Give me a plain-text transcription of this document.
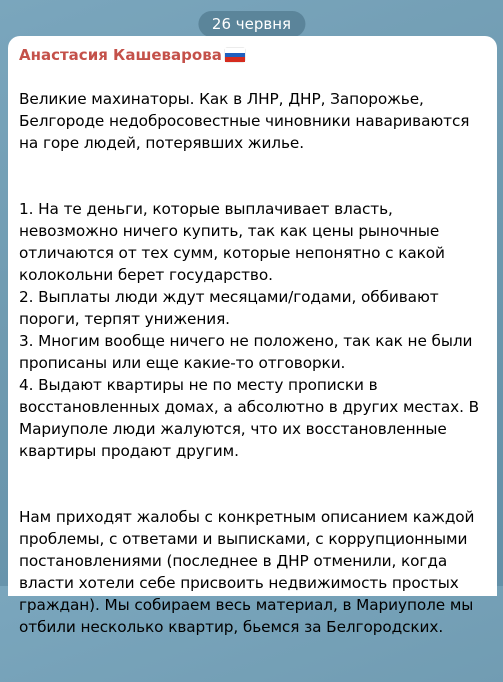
26 червня
Анастасия Кашеварова

Великие махинаторы. Как в ЛНР, ДНР, Запорожье, Белгороде недобросовестные чиновники навариваются на горе людей, потерявших жилье.

1. На те деньги, которые выплачивает власть, невозможно ничего купить, так как цены рыночные отличаются от тех сумм, которые непонятно с какой колокольни берет государство.
2. Выплаты люди ждут месяцами/годами, оббивают пороги, терпят унижения.
3. Многим вообще ничего не положено, так как не были прописаны или еще какие-то отговорки.
4. Выдают квартиры не по месту прописки в восстановленных домах, а абсолютно в других местах. В Мариуполе люди жалуются, что их восстановленные квартиры продают другим.

Нам приходят жалобы с конкретным описанием каждой проблемы, с ответами и выписками, с коррупционными постановлениями (последнее в ДНР отменили, когда власти хотели себе присвоить недвижимость простых граждан). Мы собираем весь материал, в Мариуполе мы отбили несколько квартир, бьемся за Белгородских.
